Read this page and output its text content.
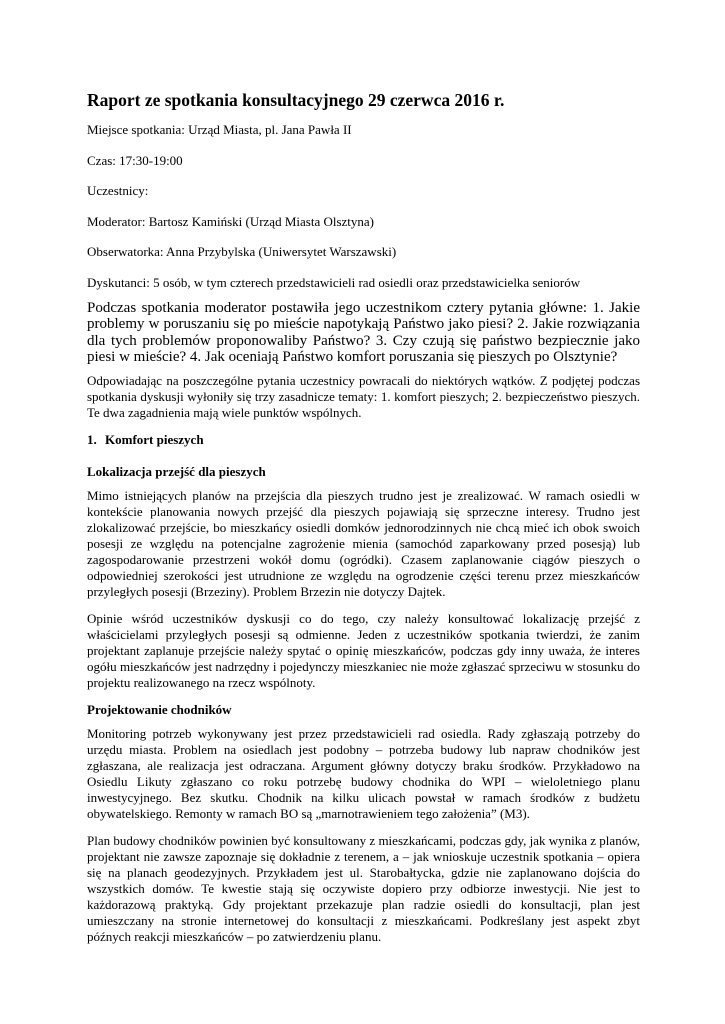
Raport ze spotkania konsultacyjnego 29 czerwca 2016 r.
Miejsce spotkania: Urząd Miasta, pl. Jana Pawła II
Czas: 17:30-19:00
Uczestnicy:
Moderator: Bartosz Kamiński (Urząd Miasta Olsztyna)
Obserwatorka: Anna Przybylska (Uniwersytet Warszawski)
Dyskutanci: 5 osób, w tym czterech przedstawicieli rad osiedli oraz przedstawicielka seniorów

Podczas spotkania moderator postawiła jego uczestnikom cztery pytania główne: 1. Jakie problemy w poruszaniu się po mieście napotykają Państwo jako piesi? 2. Jakie rozwiązania dla tych problemów proponowaliby Państwo? 3. Czy czują się państwo bezpiecznie jako piesi w mieście? 4. Jak oceniają Państwo komfort poruszania się pieszych po Olsztynie?

Odpowiadając na poszczególne pytania uczestnicy powracali do niektórych wątków. Z podjętej podczas spotkania dyskusji wyłoniły się trzy zasadnicze tematy: 1. komfort pieszych; 2. bezpieczeństwo pieszych. Te dwa zagadnienia mają wiele punktów wspólnych.

1. Komfort pieszych
Lokalizacja przejść dla pieszych

Mimo istniejących planów na przejścia dla pieszych trudno jest je zrealizować. W ramach osiedli w kontekście planowania nowych przejść dla pieszych pojawiają się sprzeczne interesy. Trudno jest zlokalizować przejście, bo mieszkańcy osiedli domków jednorodzinnych nie chcą mieć ich obok swoich posesji ze względu na potencjalne zagrożenie mienia (samochód zaparkowany przed posesją) lub zagospodarowanie przestrzeni wokół domu (ogródki). Czasem zaplanowanie ciągów pieszych o odpowiedniej szerokości jest utrudnione ze względu na ogrodzenie części terenu przez mieszkańców przyległych posesji (Brzeziny). Problem Brzezin nie dotyczy Dajtek.

Opinie wśród uczestników dyskusji co do tego, czy należy konsultować lokalizację przejść z właścicielami przyległych posesji są odmienne. Jeden z uczestników spotkania twierdzi, że zanim projektant zaplanuje przejście należy spytać o opinię mieszkańców, podczas gdy inny uważa, że interes ogółu mieszkańców jest nadrzędny i pojedynczy mieszkaniec nie może zgłaszać sprzeciwu w stosunku do projektu realizowanego na rzecz wspólnoty.

Projektowanie chodników

Monitoring potrzeb wykonywany jest przez przedstawicieli rad osiedla. Rady zgłaszają potrzeby do urzędu miasta. Problem na osiedlach jest podobny – potrzeba budowy lub napraw chodników jest zgłaszana, ale realizacja jest odraczana. Argument główny dotyczy braku środków. Przykładowo na Osiedlu Likuty zgłaszano co roku potrzebę budowy chodnika do WPI – wieloletniego planu inwestycyjnego. Bez skutku. Chodnik na kilku ulicach powstał w ramach środków z budżetu obywatelskiego. Remonty w ramach BO są „marnotrawieniem tego założenia” (M3).

Plan budowy chodników powinien być konsultowany z mieszkańcami, podczas gdy, jak wynika z planów, projektant nie zawsze zapoznaje się dokładnie z terenem, a – jak wnioskuje uczestnik spotkania – opiera się na planach geodezyjnych. Przykładem jest ul. Starobałtycka, gdzie nie zaplanowano dojścia do wszystkich domów. Te kwestie stają się oczywiste dopiero przy odbiorze inwestycji. Nie jest to każdorazową praktyką. Gdy projektant przekazuje plan radzie osiedli do konsultacji, plan jest umieszczany na stronie internetowej do konsultacji z mieszkańcami. Podkreślany jest aspekt zbyt późnych reakcji mieszkańców – po zatwierdzeniu planu.
